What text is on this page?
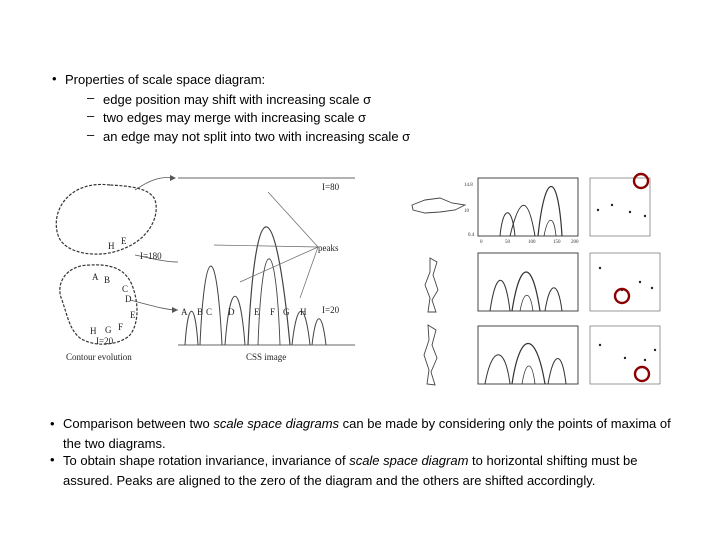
• Properties of scale space diagram:
– edge position may shift with increasing scale σ
– two edges may merge with increasing scale σ
– an edge may not split into two with increasing scale σ
H E
I=180
A B
C
D
E
F
G
H
I=20
peaks
I=80
I=20
A B C D E F G H
Contour evolution	CSS image
14.8
10
0.4
0	50	100	150 200
• Comparison between two scale space diagrams can be made by considering only the points of maxima of the two diagrams.
• To obtain shape rotation invariance, invariance of scale space diagram to horizontal shifting must be assured. Peaks are aligned to the zero of the diagram and the others are shifted accordingly.
